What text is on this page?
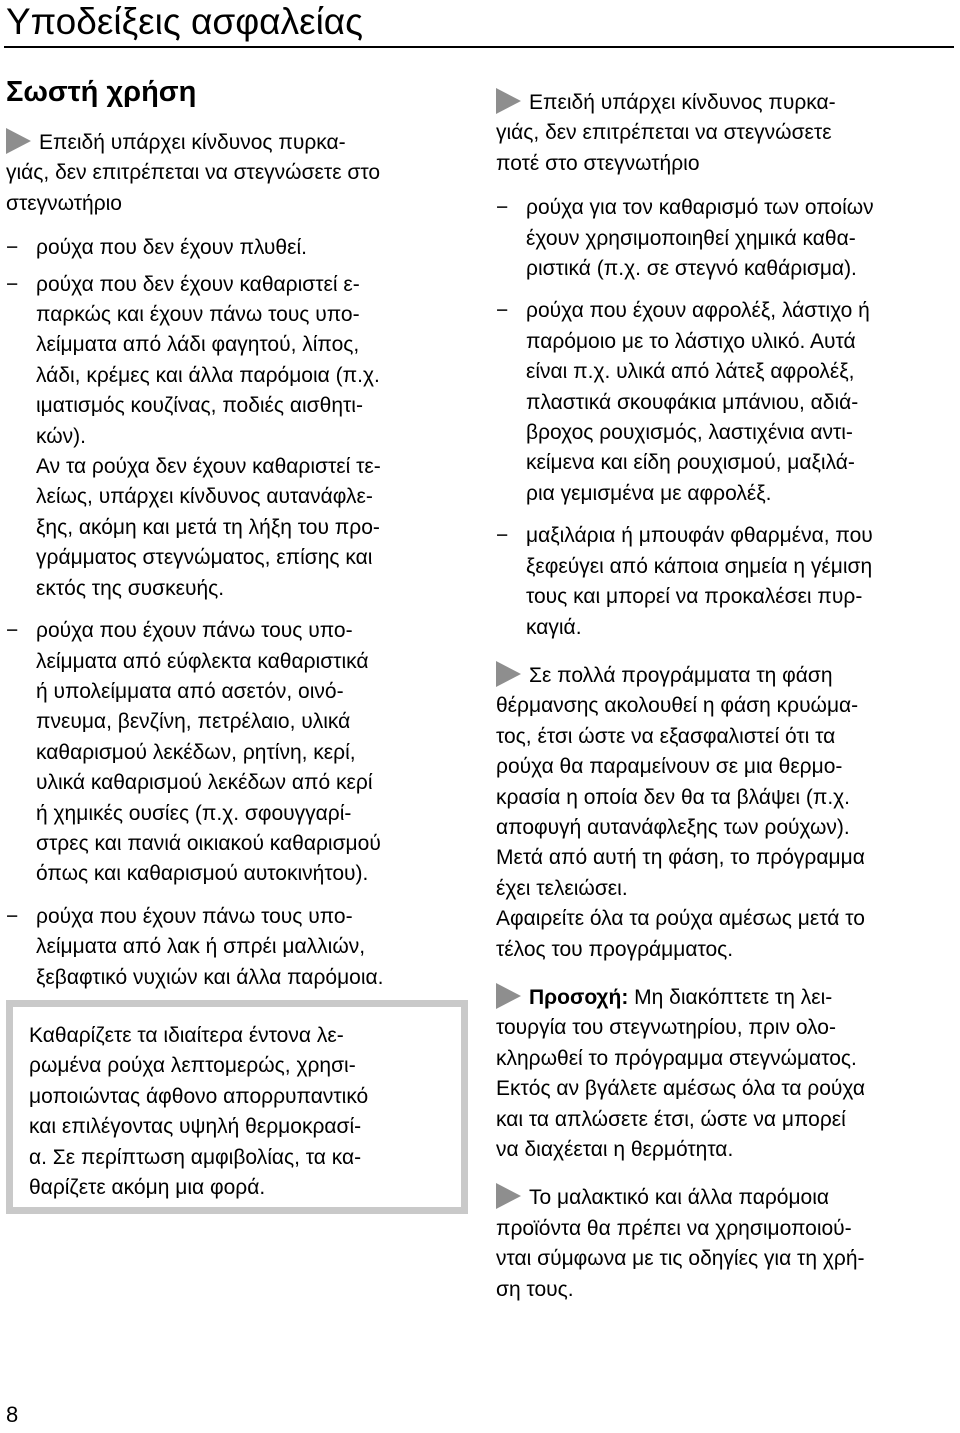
Υποδείξεις ασφαλείας
Σωστή χρήση

Επειδή υπάρχει κίνδυνος πυρκα-
γιάς, δεν επιτρέπεται να στεγνώσετε στο
στεγνωτήριο

− ρούχα που δεν έχουν πλυθεί.
− ρούχα που δεν έχουν καθαριστεί ε-
παρκώς και έχουν πάνω τους υπο-
λείμματα από λάδι φαγητού, λίπος,
λάδι, κρέμες και άλλα παρόμοια (π.χ.
ιματισμός κουζίνας, ποδιές αισθητι-
κών).
Αν τα ρούχα δεν έχουν καθαριστεί τε-
λείως, υπάρχει κίνδυνος αυτανάφλε-
ξης, ακόμη και μετά τη λήξη του προ-
γράμματος στεγνώματος, επίσης και
εκτός της συσκευής.
− ρούχα που έχουν πάνω τους υπο-
λείμματα από εύφλεκτα καθαριστικά
ή υπολείμματα από ασετόν, οινό-
πνευμα, βενζίνη, πετρέλαιο, υλικά
καθαρισμού λεκέδων, ρητίνη, κερί,
υλικά καθαρισμού λεκέδων από κερί
ή χημικές ουσίες (π.χ. σφουγγαρί-
στρες και πανιά οικιακού καθαρισμού
όπως και καθαρισμού αυτοκινήτου).
− ρούχα που έχουν πάνω τους υπο-
λείμματα από λακ ή σπρέι μαλλιών,
ξεβαφτικό νυχιών και άλλα παρόμοια.
Καθαρίζετε τα ιδιαίτερα έντονα λε-
ρωμένα ρούχα λεπτομερώς, χρησι-
μοποιώντας άφθονο απορρυπαντικό
και επιλέγοντας υψηλή θερμοκρασί-
α. Σε περίπτωση αμφιβολίας, τα κα-
θαρίζετε ακόμη μια φορά.

Επειδή υπάρχει κίνδυνος πυρκα-
γιάς, δεν επιτρέπεται να στεγνώσετε
ποτέ στο στεγνωτήριο

− ρούχα για τον καθαρισμό των οποίων
έχουν χρησιμοποιηθεί χημικά καθα-
ριστικά (π.χ. σε στεγνό καθάρισμα).
− ρούχα που έχουν αφρολέξ, λάστιχο ή
παρόμοιο με το λάστιχο υλικό. Αυτά
είναι π.χ. υλικά από λάτεξ αφρολέξ,
πλαστικά σκουφάκια μπάνιου, αδιά-
βροχος ρουχισμός, λαστιχένια αντι-
κείμενα και είδη ρουχισμού, μαξιλά-
ρια γεμισμένα με αφρολέξ.
− μαξιλάρια ή μπουφάν φθαρμένα, που
ξεφεύγει από κάποια σημεία η γέμιση
τους και μπορεί να προκαλέσει πυρ-
καγιά.

Σε πολλά προγράμματα τη φάση
θέρμανσης ακολουθεί η φάση κρυώμα-
τος, έτσι ώστε να εξασφαλιστεί ότι τα
ρούχα θα παραμείνουν σε μια θερμο-
κρασία η οποία δεν θα τα βλάψει (π.χ.
αποφυγή αυτανάφλεξης των ρούχων).
Μετά από αυτή τη φάση, το πρόγραμμα
έχει τελειώσει.
Αφαιρείτε όλα τα ρούχα αμέσως μετά το
τέλος του προγράμματος.

Προσοχή: Μη διακόπτετε τη λει-
τουργία του στεγνωτηρίου, πριν ολο-
κληρωθεί το πρόγραμμα στεγνώματος.
Εκτός αν βγάλετε αμέσως όλα τα ρούχα
και τα απλώσετε έτσι, ώστε να μπορεί
να διαχέεται η θερμότητα.

Το μαλακτικό και άλλα παρόμοια
προϊόντα θα πρέπει να χρησιμοποιού-
νται σύμφωνα με τις οδηγίες για τη χρή-
ση τους.

8
